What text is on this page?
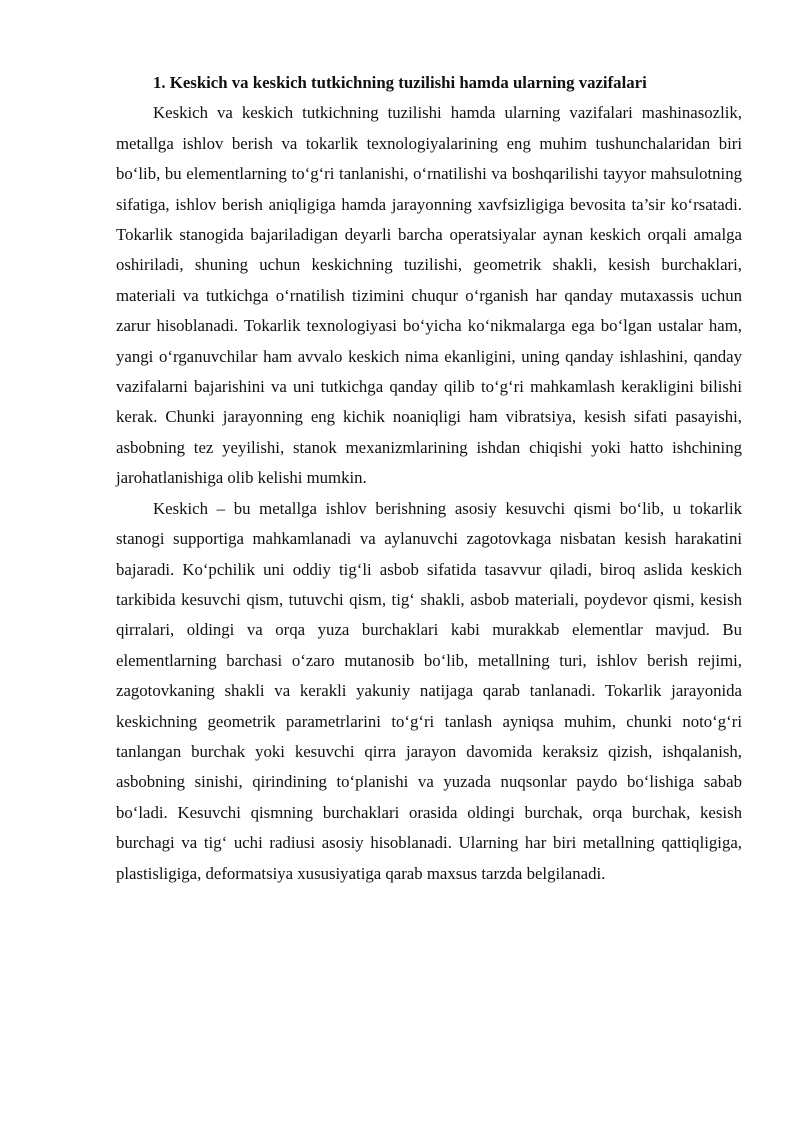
1. Keskich va keskich tutkichning tuzilishi hamda ularning vazifalari

Keskich va keskich tutkichning tuzilishi hamda ularning vazifalari mashinasozlik, metallga ishlov berish va tokarlik texnologiyalarining eng muhim tushunchalaridan biri bo‘lib, bu elementlarning to‘g‘ri tanlanishi, o‘rnatilishi va boshqarilishi tayyor mahsulotning sifatiga, ishlov berish aniqligiga hamda jarayonning xavfsizligiga bevosita ta’sir ko‘rsatadi. Tokarlik stanogida bajariladigan deyarli barcha operatsiyalar aynan keskich orqali amalga oshiriladi, shuning uchun keskichning tuzilishi, geometrik shakli, kesish burchaklari, materiali va tutkichga o‘rnatilish tizimini chuqur o‘rganish har qanday mutaxassis uchun zarur hisoblanadi. Tokarlik texnologiyasi bo‘yicha ko‘nikmalarga ega bo‘lgan ustalar ham, yangi o‘rganuvchilar ham avvalo keskich nima ekanligini, uning qanday ishlashini, qanday vazifalarni bajarishini va uni tutkichga qanday qilib to‘g‘ri mahkamlash kerakligini bilishi kerak. Chunki jarayonning eng kichik noaniqligi ham vibratsiya, kesish sifati pasayishi, asbobning tez yeyilishi, stanok mexanizmlarining ishdan chiqishi yoki hatto ishchining jarohatlanishiga olib kelishi mumkin.

Keskich – bu metallga ishlov berishning asosiy kesuvchi qismi bo‘lib, u tokarlik stanogi supportiga mahkamlanadi va aylanuvchi zagotovkaga nisbatan kesish harakatini bajaradi. Ko‘pchilik uni oddiy tig‘li asbob sifatida tasavvur qiladi, biroq aslida keskich tarkibida kesuvchi qism, tutuvchi qism, tig‘ shakli, asbob materiali, poydevor qismi, kesish qirralari, oldingi va orqa yuza burchaklari kabi murakkab elementlar mavjud. Bu elementlarning barchasi o‘zaro mutanosib bo‘lib, metallning turi, ishlov berish rejimi, zagotovkaning shakli va kerakli yakuniy natijaga qarab tanlanadi. Tokarlik jarayonida keskichning geometrik parametrlarini to‘g‘ri tanlash ayniqsa muhim, chunki noto‘g‘ri tanlangan burchak yoki kesuvchi qirra jarayon davomida keraksiz qizish, ishqalanish, asbobning sinishi, qirindining to‘planishi va yuzada nuqsonlar paydo bo‘lishiga sabab bo‘ladi. Kesuvchi qismning burchaklari orasida oldingi burchak, orqa burchak, kesish burchagi va tig‘ uchi radiusi asosiy hisoblanadi. Ularning har biri metallning qattiqligiga, plastisligiga, deformatsiya xususiyatiga qarab maxsus tarzda belgilanadi.
